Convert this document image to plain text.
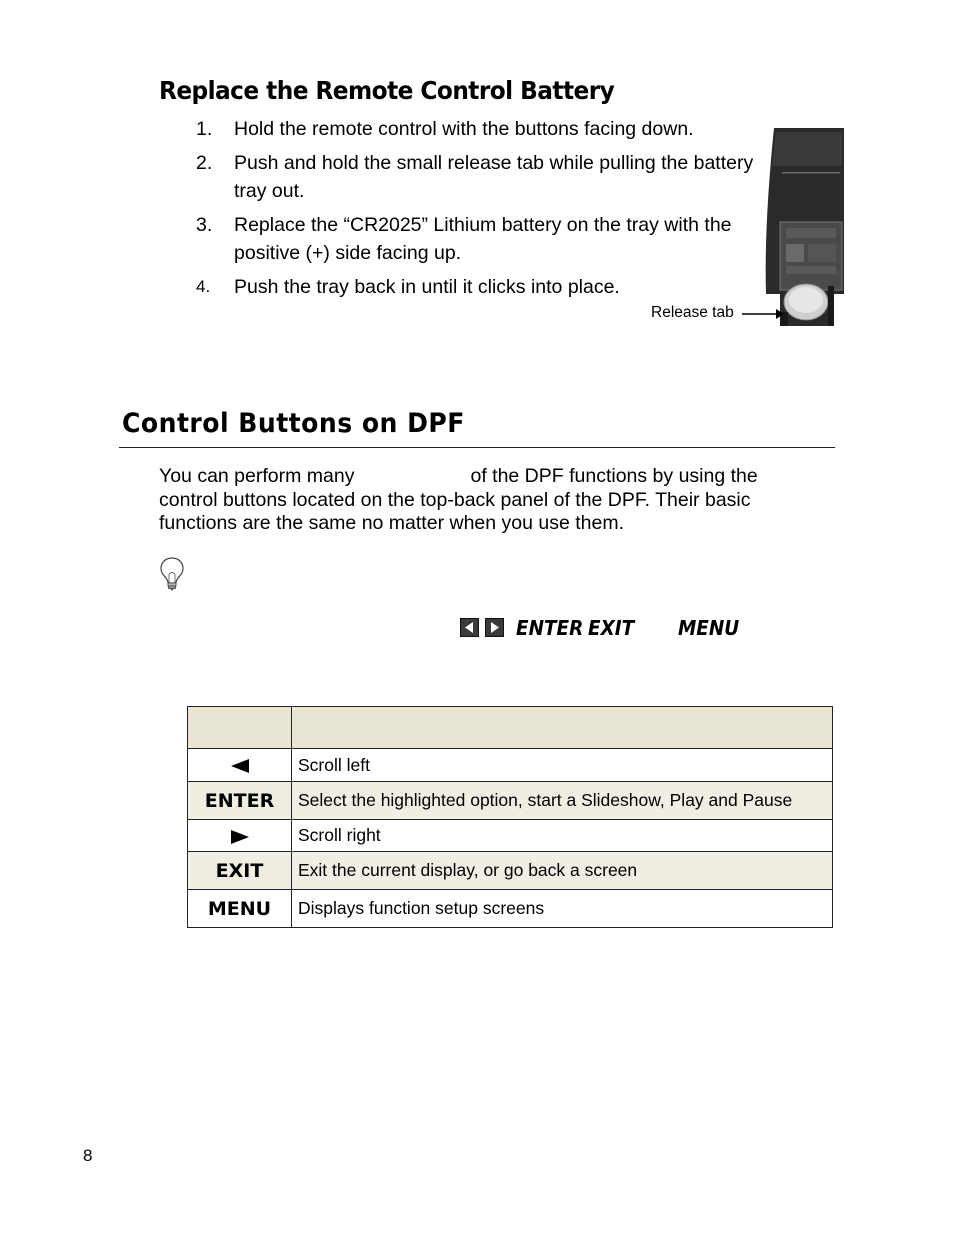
Replace the Remote Control Battery
1. Hold the remote control with the buttons facing down.
2. Push and hold the small release tab while pulling the battery tray out.
3. Replace the “CR2025” Lithium battery on the tray with the positive (+) side facing up.
4. Push the tray back in until it clicks into place.
Release tab
Control Buttons on DPF
You can perform many	of the DPF functions by using the control buttons located on the top-back panel of the DPF. Their basic functions are the same no matter when you use them.
ENTER EXIT MENU

	Scroll left
ENTER	Select the highlighted option, start a Slideshow, Play and Pause
	Scroll right
EXIT	Exit the current display, or go back a screen
MENU	Displays function setup screens
8
